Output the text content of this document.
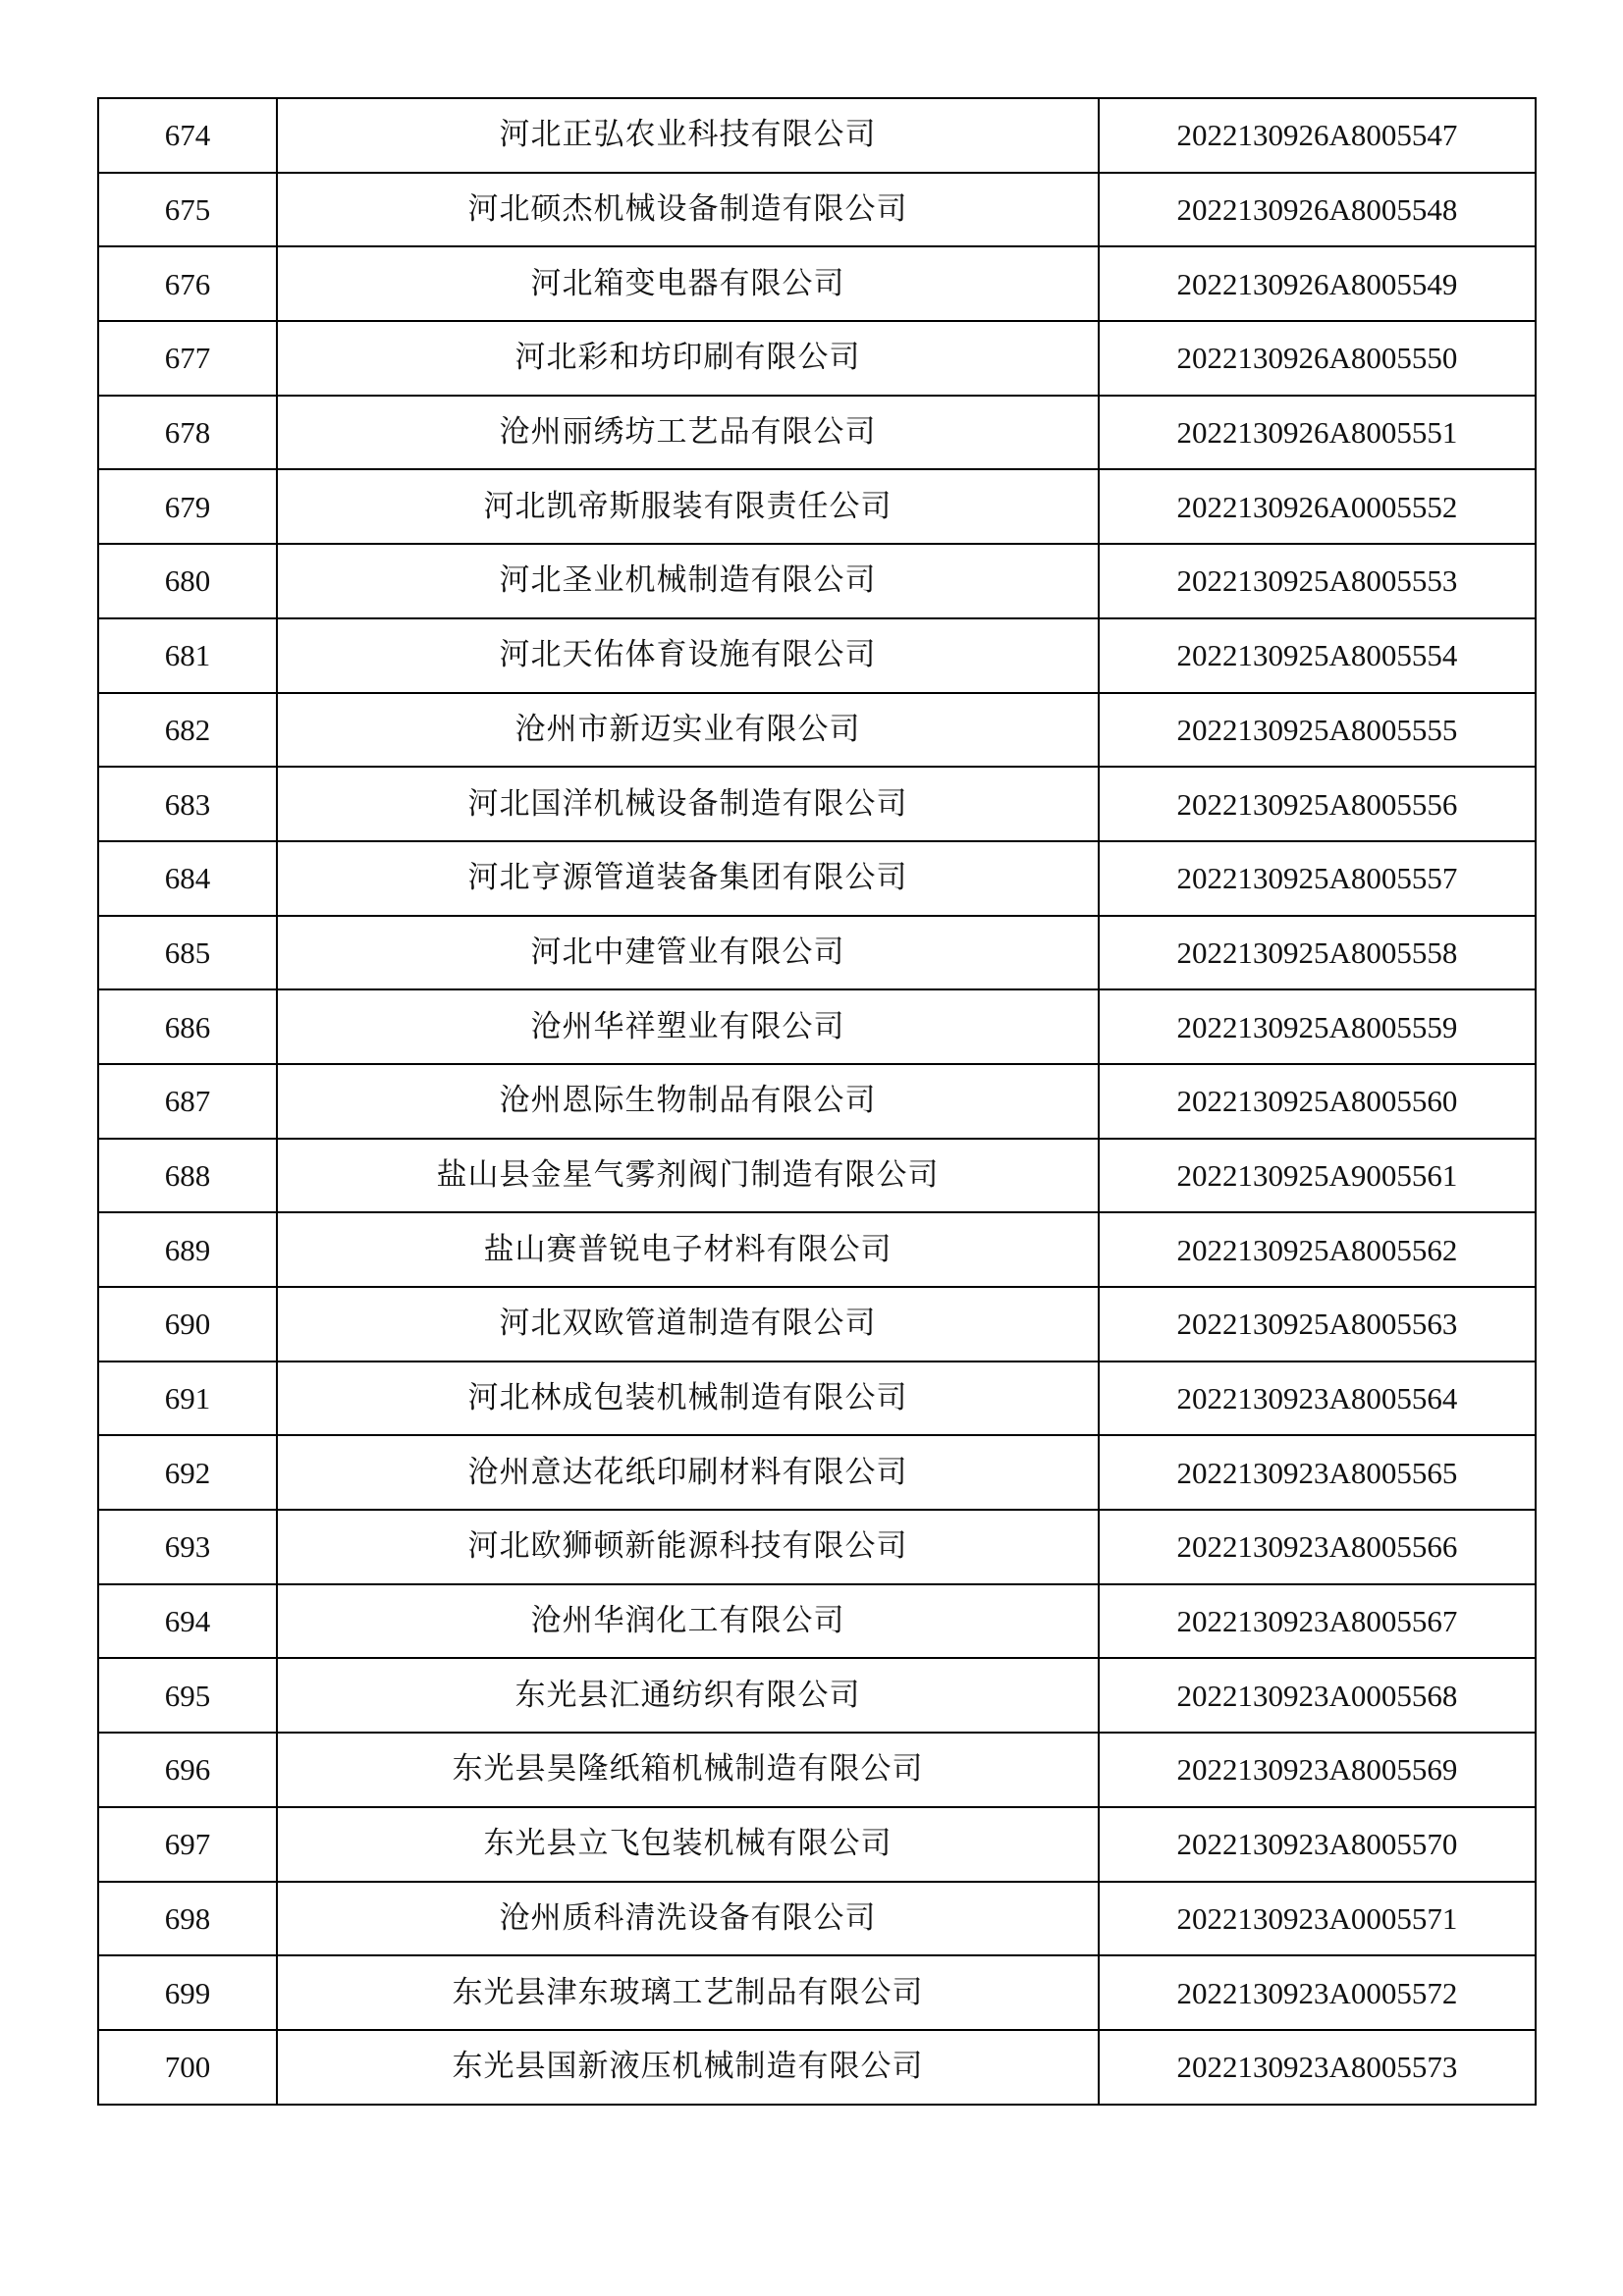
674	河北正弘农业科技有限公司	2022130926A8005547
675	河北硕杰机械设备制造有限公司	2022130926A8005548
676	河北箱变电器有限公司	2022130926A8005549
677	河北彩和坊印刷有限公司	2022130926A8005550
678	沧州丽绣坊工艺品有限公司	2022130926A8005551
679	河北凯帝斯服装有限责任公司	2022130926A0005552
680	河北圣业机械制造有限公司	2022130925A8005553
681	河北天佑体育设施有限公司	2022130925A8005554
682	沧州市新迈实业有限公司	2022130925A8005555
683	河北国洋机械设备制造有限公司	2022130925A8005556
684	河北亨源管道装备集团有限公司	2022130925A8005557
685	河北中建管业有限公司	2022130925A8005558
686	沧州华祥塑业有限公司	2022130925A8005559
687	沧州恩际生物制品有限公司	2022130925A8005560
688	盐山县金星气雾剂阀门制造有限公司	2022130925A9005561
689	盐山赛普锐电子材料有限公司	2022130925A8005562
690	河北双欧管道制造有限公司	2022130925A8005563
691	河北林成包装机械制造有限公司	2022130923A8005564
692	沧州意达花纸印刷材料有限公司	2022130923A8005565
693	河北欧狮顿新能源科技有限公司	2022130923A8005566
694	沧州华润化工有限公司	2022130923A8005567
695	东光县汇通纺织有限公司	2022130923A0005568
696	东光县昊隆纸箱机械制造有限公司	2022130923A8005569
697	东光县立飞包装机械有限公司	2022130923A8005570
698	沧州质科清洗设备有限公司	2022130923A0005571
699	东光县津东玻璃工艺制品有限公司	2022130923A0005572
700	东光县国新液压机械制造有限公司	2022130923A8005573
